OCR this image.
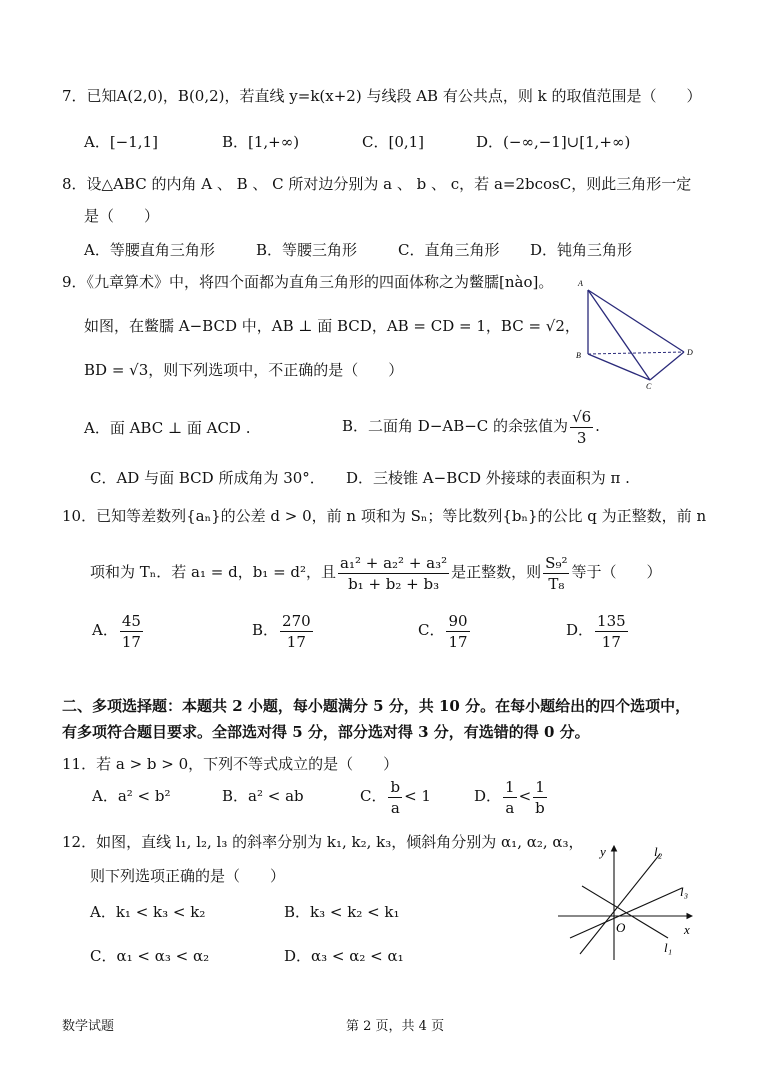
7．已知A(2,0)，B(0,2)，若直线 y=k(x+2) 与线段 AB 有公共点，则 k 的取值范围是（　　）
A．[−1,1]	B．[1,+∞)	C．[0,1]	D．(−∞,−1]∪[1,+∞)
8．设△ABC 的内角 A 、 B 、 C 所对边分别为 a 、 b 、 c，若 a=2bcosC，则此三角形一定
是（　　）
A．等腰直角三角形	B．等腰三角形	C．直角三角形 D．钝角三角形
9．《九章算术》中，将四个面都为直角三角形的四面体称之为鳖臑[nào]。
如图，在鳖臑 A−BCD 中，AB ⊥ 面 BCD，AB = CD = 1，BC = √2，
BD = √3，则下列选项中，不正确的是（　　）
A
B
C
D
A．面 ABC ⊥ 面 ACD .	B．二面角 D−AB−C 的余弦值为 $\frac{√6}{3}$ .
C．AD 与面 BCD 所成角为 30°． D．三棱锥 A−BCD 外接球的表面积为 π .
10．已知等差数列{aₙ}的公差 d > 0，前 n 项和为 Sₙ；等比数列{bₙ}的公比 q 为正整数，前 n
项和为 Tₙ．若 a₁ = d，b₁ = d²，且 $\frac{\text{a₁² + a₂² + a₃²}}{\text{b₁ + b₂ + b₃}}$ 是正整数，则 $\frac{\text{S₉²}}{\text{T₈}}$ 等于（　　）
A． $\frac{45}{17}$	B． $\frac{270}{17}$	C． $\frac{90}{17}$	D． $\frac{135}{17}$
二、多项选择题：本题共 2 小题，每小题满分 5 分，共 10 分。在每小题给出的四个选项中，
有多项符合题目要求。全部选对得 5 分，部分选对得 3 分，有选错的得 0 分。
11．若 a > b > 0，下列不等式成立的是（　　）
A．a² < b²	B．a² < ab	C． $\frac{b}{a} < 1$	D． $\frac{1}{a} < \frac{1}{b}$
12．如图，直线 l₁, l₂, l₃ 的斜率分别为 k₁, k₂, k₃，倾斜角分别为 α₁, α₂, α₃，
则下列选项正确的是（　　）
A．k₁ < k₃ < k₂	B．k₃ < k₂ < k₁
C．α₁ < α₃ < α₂	D．α₃ < α₂ < α₁
y
x
O
l₂
l₃
l₁
数学试题	第 2 页，共 4 页
